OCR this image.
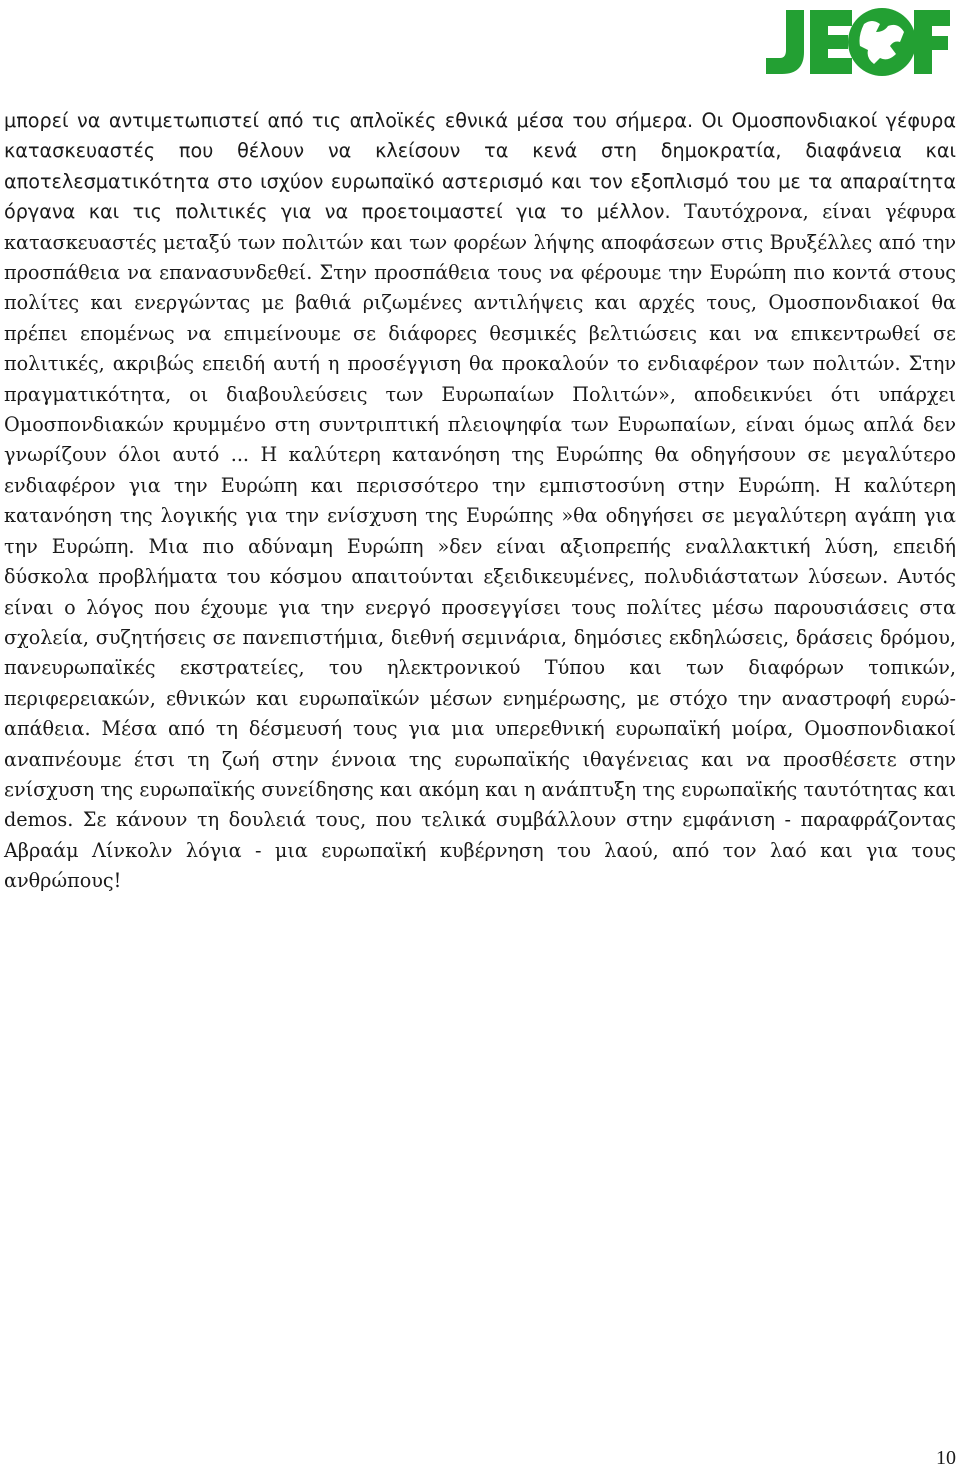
μπορεί να αντιμετωπιστεί από τις απλοϊκές εθνικά μέσα του σήμερα. Οι Ομοσπονδιακοί γέφυρα κατασκευαστές που θέλουν να κλείσουν τα κενά στη δημοκρατία, διαφάνεια και αποτελεσματικότητα στο ισχύον ευρωπαϊκό αστερισμό και τον εξοπλισμό του με τα απαραίτητα όργανα και τις πολιτικές για να προετοιμαστεί για το μέλλον. Ταυτόχρονα, είναι γέφυρα κατασκευαστές μεταξύ των πολιτών και των φορέων λήψης αποφάσεων στις Βρυξέλλες από την προσπάθεια να επανασυνδεθεί. Στην προσπάθεια τους να φέρουμε την Ευρώπη πιο κοντά στους πολίτες και ενεργώντας με βαθιά ριζωμένες αντιλήψεις και αρχές τους, Ομοσπονδιακοί θα πρέπει επομένως να επιμείνουμε σε διάφορες θεσμικές βελτιώσεις και να επικεντρωθεί σε πολιτικές, ακριβώς επειδή αυτή η προσέγγιση θα προκαλούν το ενδιαφέρον των πολιτών. Στην πραγματικότητα, οι διαβουλεύσεις των Ευρωπαίων Πολιτών», αποδεικνύει ότι υπάρχει Ομοσπονδιακών κρυμμένο στη συντριπτική πλειοψηφία των Ευρωπαίων, είναι όμως απλά δεν γνωρίζουν όλοι αυτό ... Η καλύτερη κατανόηση της Ευρώπης θα οδηγήσουν σε μεγαλύτερο ενδιαφέρον για την Ευρώπη και περισσότερο την εμπιστοσύνη στην Ευρώπη. Η καλύτερη κατανόηση της λογικής για την ενίσχυση της Ευρώπης »θα οδηγήσει σε μεγαλύτερη αγάπη για την Ευρώπη. Μια πιο αδύναμη Ευρώπη »δεν είναι αξιοπρεπής εναλλακτική λύση, επειδή δύσκολα προβλήματα του κόσμου απαιτούνται εξειδικευμένες, πολυδιάστατων λύσεων. Αυτός είναι ο λόγος που έχουμε για την ενεργό προσεγγίσει τους πολίτες μέσω παρουσιάσεις στα σχολεία, συζητήσεις σε πανεπιστήμια, διεθνή σεμινάρια, δημόσιες εκδηλώσεις, δράσεις δρόμου, πανευρωπαϊκές εκστρατείες, του ηλεκτρονικού Τύπου και των διαφόρων τοπικών, περιφερειακών, εθνικών και ευρωπαϊκών μέσων ενημέρωσης, με στόχο την αναστροφή ευρώ-απάθεια. Μέσα από τη δέσμευσή τους για μια υπερεθνική ευρωπαϊκή μοίρα, Ομοσπονδιακοί αναπνέουμε έτσι τη ζωή στην έννοια της ευρωπαϊκής ιθαγένειας και να προσθέσετε στην ενίσχυση της ευρωπαϊκής συνείδησης και ακόμη και η ανάπτυξη της ευρωπαϊκής ταυτότητας και demos. Σε κάνουν τη δουλειά τους, που τελικά συμβάλλουν στην εμφάνιση - παραφράζοντας Αβραάμ Λίνκολν λόγια - μια ευρωπαϊκή κυβέρνηση του λαού, από τον λαό και για τους ανθρώπους!

10
